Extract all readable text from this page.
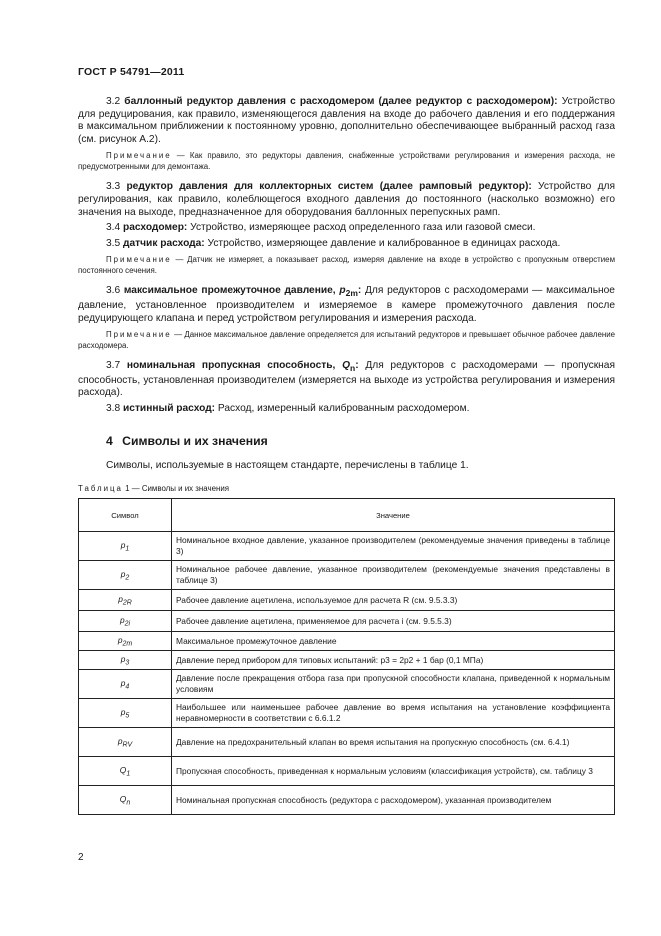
ГОСТ Р 54791—2011

3.2 баллонный редуктор давления с расходомером (далее редуктор с расходомером): Устройство для редуцирования, как правило, изменяющегося давления на входе до рабочего давления и его поддержания в максимальном приближении к постоянному уровню, дополнительно обеспечивающее выбранный расход газа (см. рисунок А.2).

Примечание — Как правило, это редукторы давления, снабженные устройствами регулирования и измерения расхода, не предусмотренными для демонтажа.

3.3 редуктор давления для коллекторных систем (далее рамповый редуктор): Устройство для регулирования, как правило, колеблющегося входного давления до постоянного (насколько возможно) его значения на выходе, предназначенное для оборудования баллонных перепускных рамп.

3.4 расходомер: Устройство, измеряющее расход определенного газа или газовой смеси.

3.5 датчик расхода: Устройство, измеряющее давление и калиброванное в единицах расхода.

Примечание — Датчик не измеряет, а показывает расход, измеряя давление на входе в устройство с пропускным отверстием постоянного сечения.

3.6 максимальное промежуточное давление, $p_{2m}$: Для редукторов с расходомерами — максимальное давление, установленное производителем и измеряемое в камере промежуточного давления после редуцирующего клапана и перед устройством регулирования и измерения расхода.

Примечание — Данное максимальное давление определяется для испытаний редукторов и превышает обычное рабочее давление расходомера.

3.7 номинальная пропускная способность, $Q_n$: Для редукторов с расходомерами — пропускная способность, установленная производителем (измеряется на выходе из устройства регулирования и измерения расхода).

3.8 истинный расход: Расход, измеренный калиброванным расходомером.

4 Символы и их значения

Символы, используемые в настоящем стандарте, перечислены в таблице 1.

Таблица 1 — Символы и их значения
Символ	Значение
$p_1$	Номинальное входное давление, указанное производителем (рекомендуемые значения приведены в таблице 3)
$p_2$	Номинальное рабочее давление, указанное производителем (рекомендуемые значения представлены в таблице 3)
$p_{2R}$	Рабочее давление ацетилена, используемое для расчета R (см. 9.5.3.3)
$p_{2i}$	Рабочее давление ацетилена, применяемое для расчета i (см. 9.5.5.3)
$p_{2m}$	Максимальное промежуточное давление
$p_3$	Давление перед прибором для типовых испытаний: p3 = 2p2 + 1 бар (0,1 МПа)
$p_4$	Давление после прекращения отбора газа при пропускной способности клапана, приведенной к нормальным условиям
$p_5$	Наибольшее или наименьшее рабочее давление во время испытания на установление коэффициента неравномерности в соответствии с 6.6.1.2
$p_{RV}$	Давление на предохранительный клапан во время испытания на пропускную способность (см. 6.4.1)
$Q_1$	Пропускная способность, приведенная к нормальным условиям (классификация устройств), см. таблицу 3
$Q_n$	Номинальная пропускная способность (редуктора с расходомером), указанная производителем
2
